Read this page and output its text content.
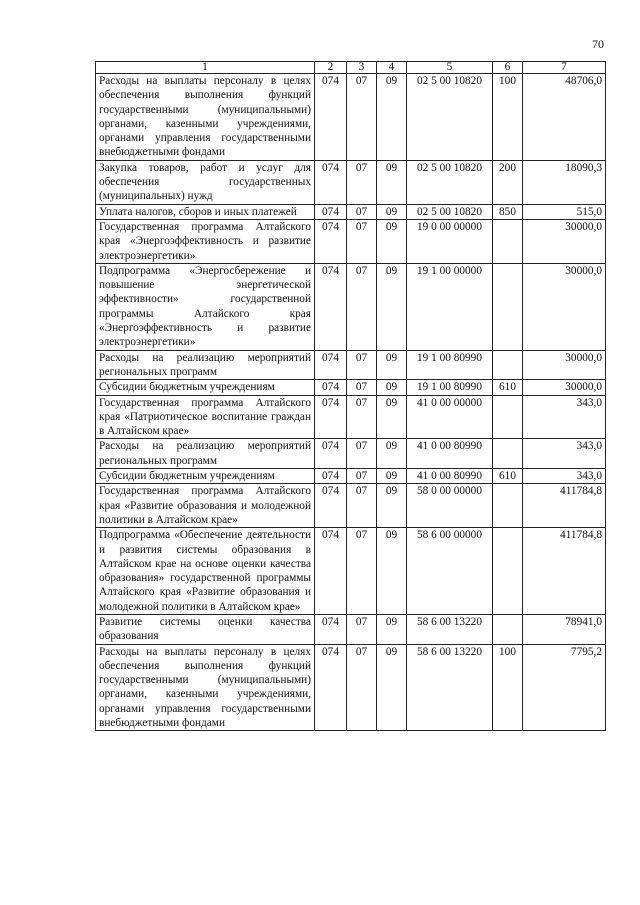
70
1	2	3	4	5	6	7
Расходы на выплаты персоналу в целях обеспечения выполнения функций государственными (муниципальными) органами, казенными учреждениями, органами управления государственными внебюджетными фондами	074	07	09	02 5 00 10820	100	48706,0
Закупка товаров, работ и услуг для обеспечения государственных (муниципальных) нужд	074	07	09	02 5 00 10820	200	18090,3
Уплата налогов, сборов и иных платежей	074	07	09	02 5 00 10820	850	515,0
Государственная программа Алтайского края «Энергоэффективность и развитие электроэнергетики»	074	07	09	19 0 00 00000		30000,0
Подпрограмма «Энергосбережение и повышение энергетической эффективности» государственной программы Алтайского края «Энергоэффективность и развитие электроэнергетики»	074	07	09	19 1 00 00000		30000,0
Расходы на реализацию мероприятий региональных программ	074	07	09	19 1 00 80990		30000,0
Субсидии бюджетным учреждениям	074	07	09	19 1 00 80990	610	30000,0
Государственная программа Алтайского края «Патриотическое воспитание граждан в Алтайском крае»	074	07	09	41 0 00 00000		343,0
Расходы на реализацию мероприятий региональных программ	074	07	09	41 0 00 80990		343,0
Субсидии бюджетным учреждениям	074	07	09	41 0 00 80990	610	343,0
Государственная программа Алтайского края «Развитие образования и молодежной политики в Алтайском крае»	074	07	09	58 0 00 00000		411784,8
Подпрограмма «Обеспечение деятельности и развития системы образования в Алтайском крае на основе оценки качества образования» государственной программы Алтайского края «Развитие образования и молодежной политики в Алтайском крае»	074	07	09	58 6 00 00000		411784,8
Развитие системы оценки качества образования	074	07	09	58 6 00 13220		78941,0
Расходы на выплаты персоналу в целях обеспечения выполнения функций государственными (муниципальными) органами, казенными учреждениями, органами управления государственными внебюджетными фондами	074	07	09	58 6 00 13220	100	7795,2
